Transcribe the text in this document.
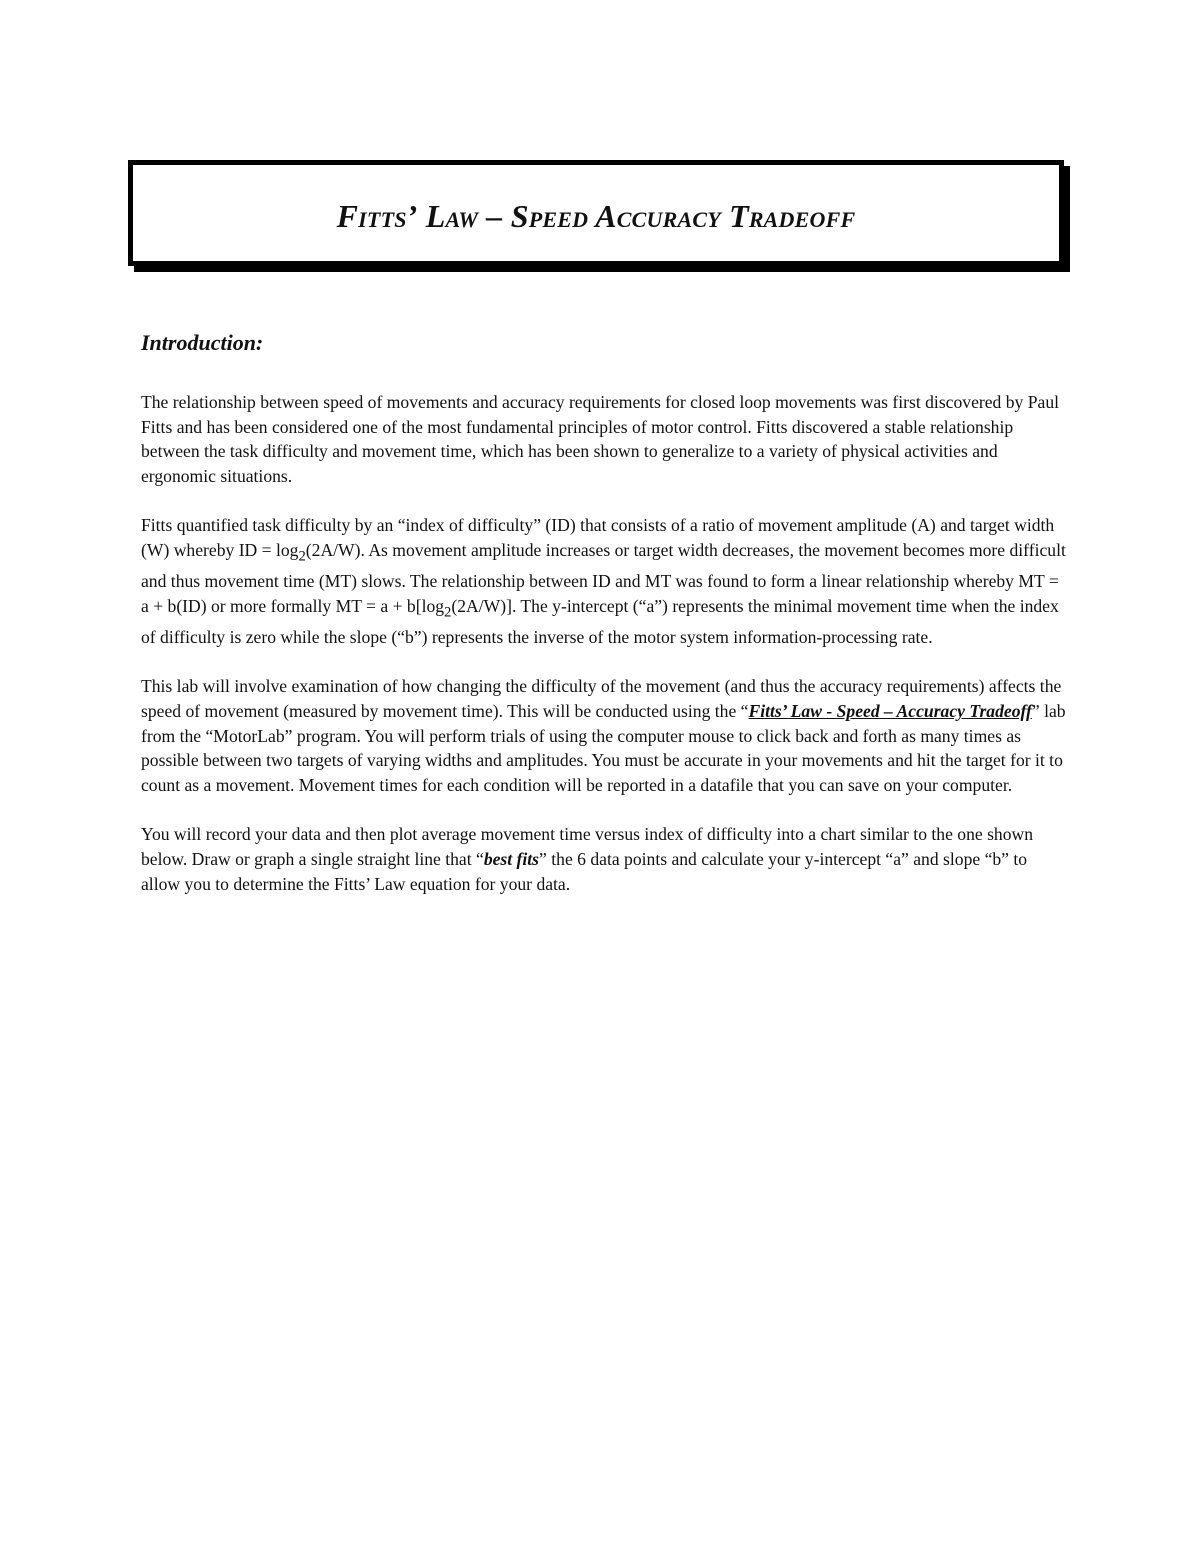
Fitts’ Law – Speed Accuracy Tradeoff
Introduction:

The relationship between speed of movements and accuracy requirements for closed loop movements was first discovered by Paul Fitts and has been considered one of the most fundamental principles of motor control. Fitts discovered a stable relationship between the task difficulty and movement time, which has been shown to generalize to a variety of physical activities and ergonomic situations.

Fitts quantified task difficulty by an “index of difficulty” (ID) that consists of a ratio of movement amplitude (A) and target width (W) whereby ID = $\log_2(2A/W)$. As movement amplitude increases or target width decreases, the movement becomes more difficult and thus movement time (MT) slows. The relationship between ID and MT was found to form a linear relationship whereby MT = a + b(ID) or more formally MT = $a + b[\log_2(2A/W)]$. The y-intercept (“a”) represents the minimal movement time when the index of difficulty is zero while the slope (“b”) represents the inverse of the motor system information-processing rate.

This lab will involve examination of how changing the difficulty of the movement (and thus the accuracy requirements) affects the speed of movement (measured by movement time). This will be conducted using the “Fitts’ Law - Speed – Accuracy Tradeoff” lab from the “MotorLab” program. You will perform trials of using the computer mouse to click back and forth as many times as possible between two targets of varying widths and amplitudes. You must be accurate in your movements and hit the target for it to count as a movement. Movement times for each condition will be reported in a datafile that you can save on your computer.

You will record your data and then plot average movement time versus index of difficulty into a chart similar to the one shown below. Draw or graph a single straight line that “best fits” the 6 data points and calculate your y-intercept “a” and slope “b” to allow you to determine the Fitts’ Law equation for your data.
